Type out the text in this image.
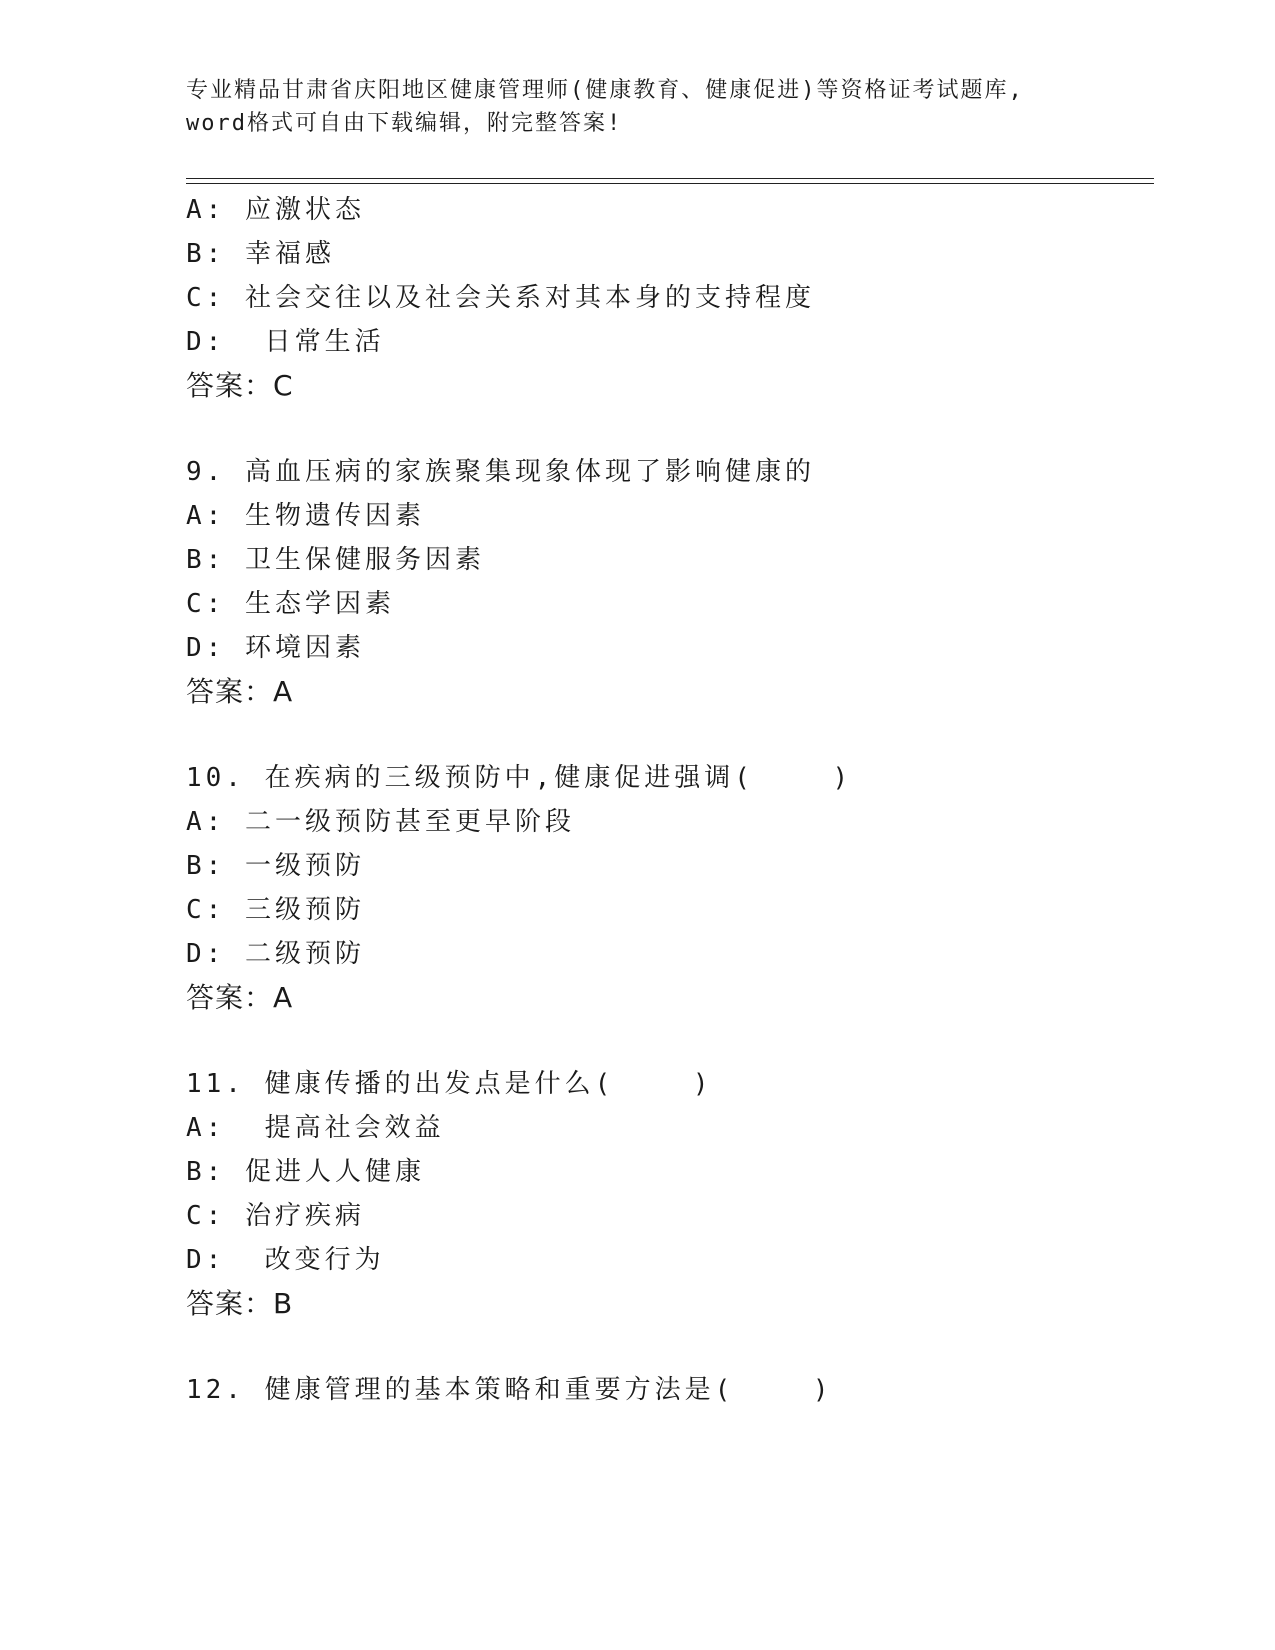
专业精品甘肃省庆阳地区健康管理师(健康教育、健康促进)等资格证考试题库,
word格式可自由下载编辑，附完整答案!
A: 应激状态
B: 幸福感
C: 社会交往以及社会关系对其本身的支持程度
D:  日常生活
答案：C
9. 高血压病的家族聚集现象体现了影响健康的
A: 生物遗传因素
B: 卫生保健服务因素
C: 生态学因素
D: 环境因素
答案：A
10. 在疾病的三级预防中,健康促进强调(    )
A: 二一级预防甚至更早阶段
B: 一级预防
C: 三级预防
D: 二级预防
答案：A
11. 健康传播的出发点是什么(    )
A:  提高社会效益
B: 促进人人健康
C: 治疗疾病
D:  改变行为
答案：B
12. 健康管理的基本策略和重要方法是(    )
